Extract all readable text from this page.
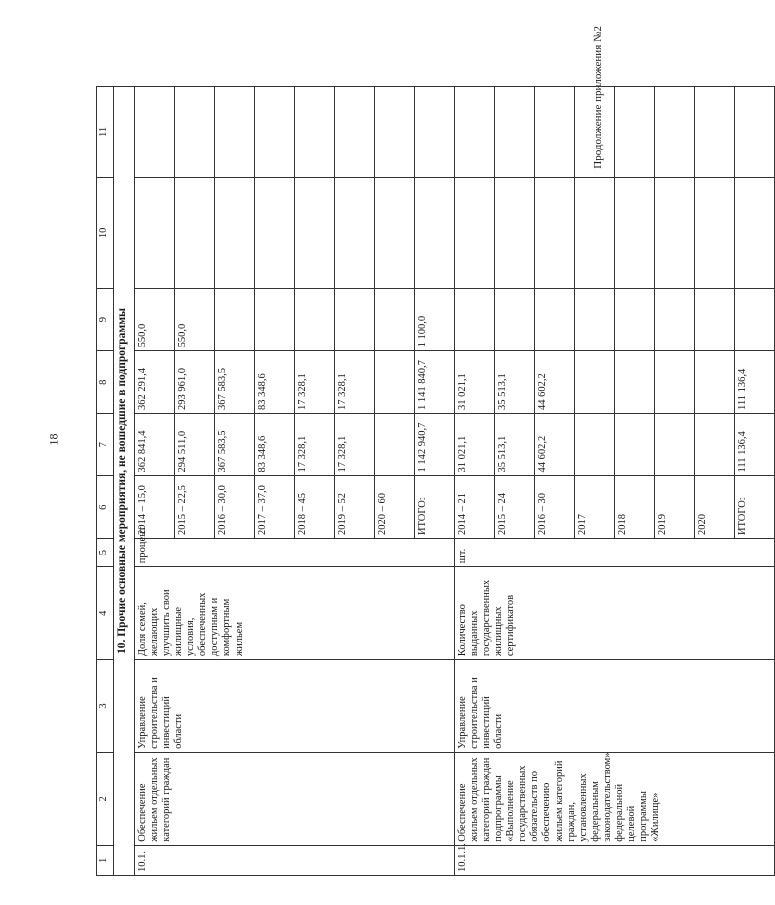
18
Продолжение приложения №2
1	2	3	4	5	6	7	8	9	10	11
10. Прочие основные мероприятия, не вошедшие в подпрограммы										
10.1.	Обеспечение жильем отдельных категорий граждан	Управление строительства и инвестиций области	Доля семей, желающих улучшить свои жилищные условия, обеспеченных доступным и комфортным жильем	процент	2014 – 15,0	362 841,4	362 291,4	550,0		
					2015 – 22,5	294 511,0	293 961,0	550,0		
					2016 – 30,0	367 583,5	367 583,5			
					2017 – 37,0	83 348,6	83 348,6			
					2018 – 45	17 328,1	17 328,1			
					2019 – 52	17 328,1	17 328,1			
					2020 – 60					
					ИТОГО:	1 142 940,7	1 141 840,7	1 100,0		
10.1.1.	Обеспечение жильем отдельных категорий граждан подпрограммы «Выполнение государственных обязательств по обеспечению жильем категорий граждан, установленных федеральным законодательством» федеральной целевой программы «Жилище»	Управление строительства и инвестиций области	Количество выданных государственных жилищных сертификатов	шт.	2014 – 21	31 021,1	31 021,1			
					2015 – 24	35 513,1	35 513,1			
					2016 – 30	44 602,2	44 602,2			
					2017					
					2018					
					2019					
					2020					
					ИТОГО:	111 136,4	111 136,4			
